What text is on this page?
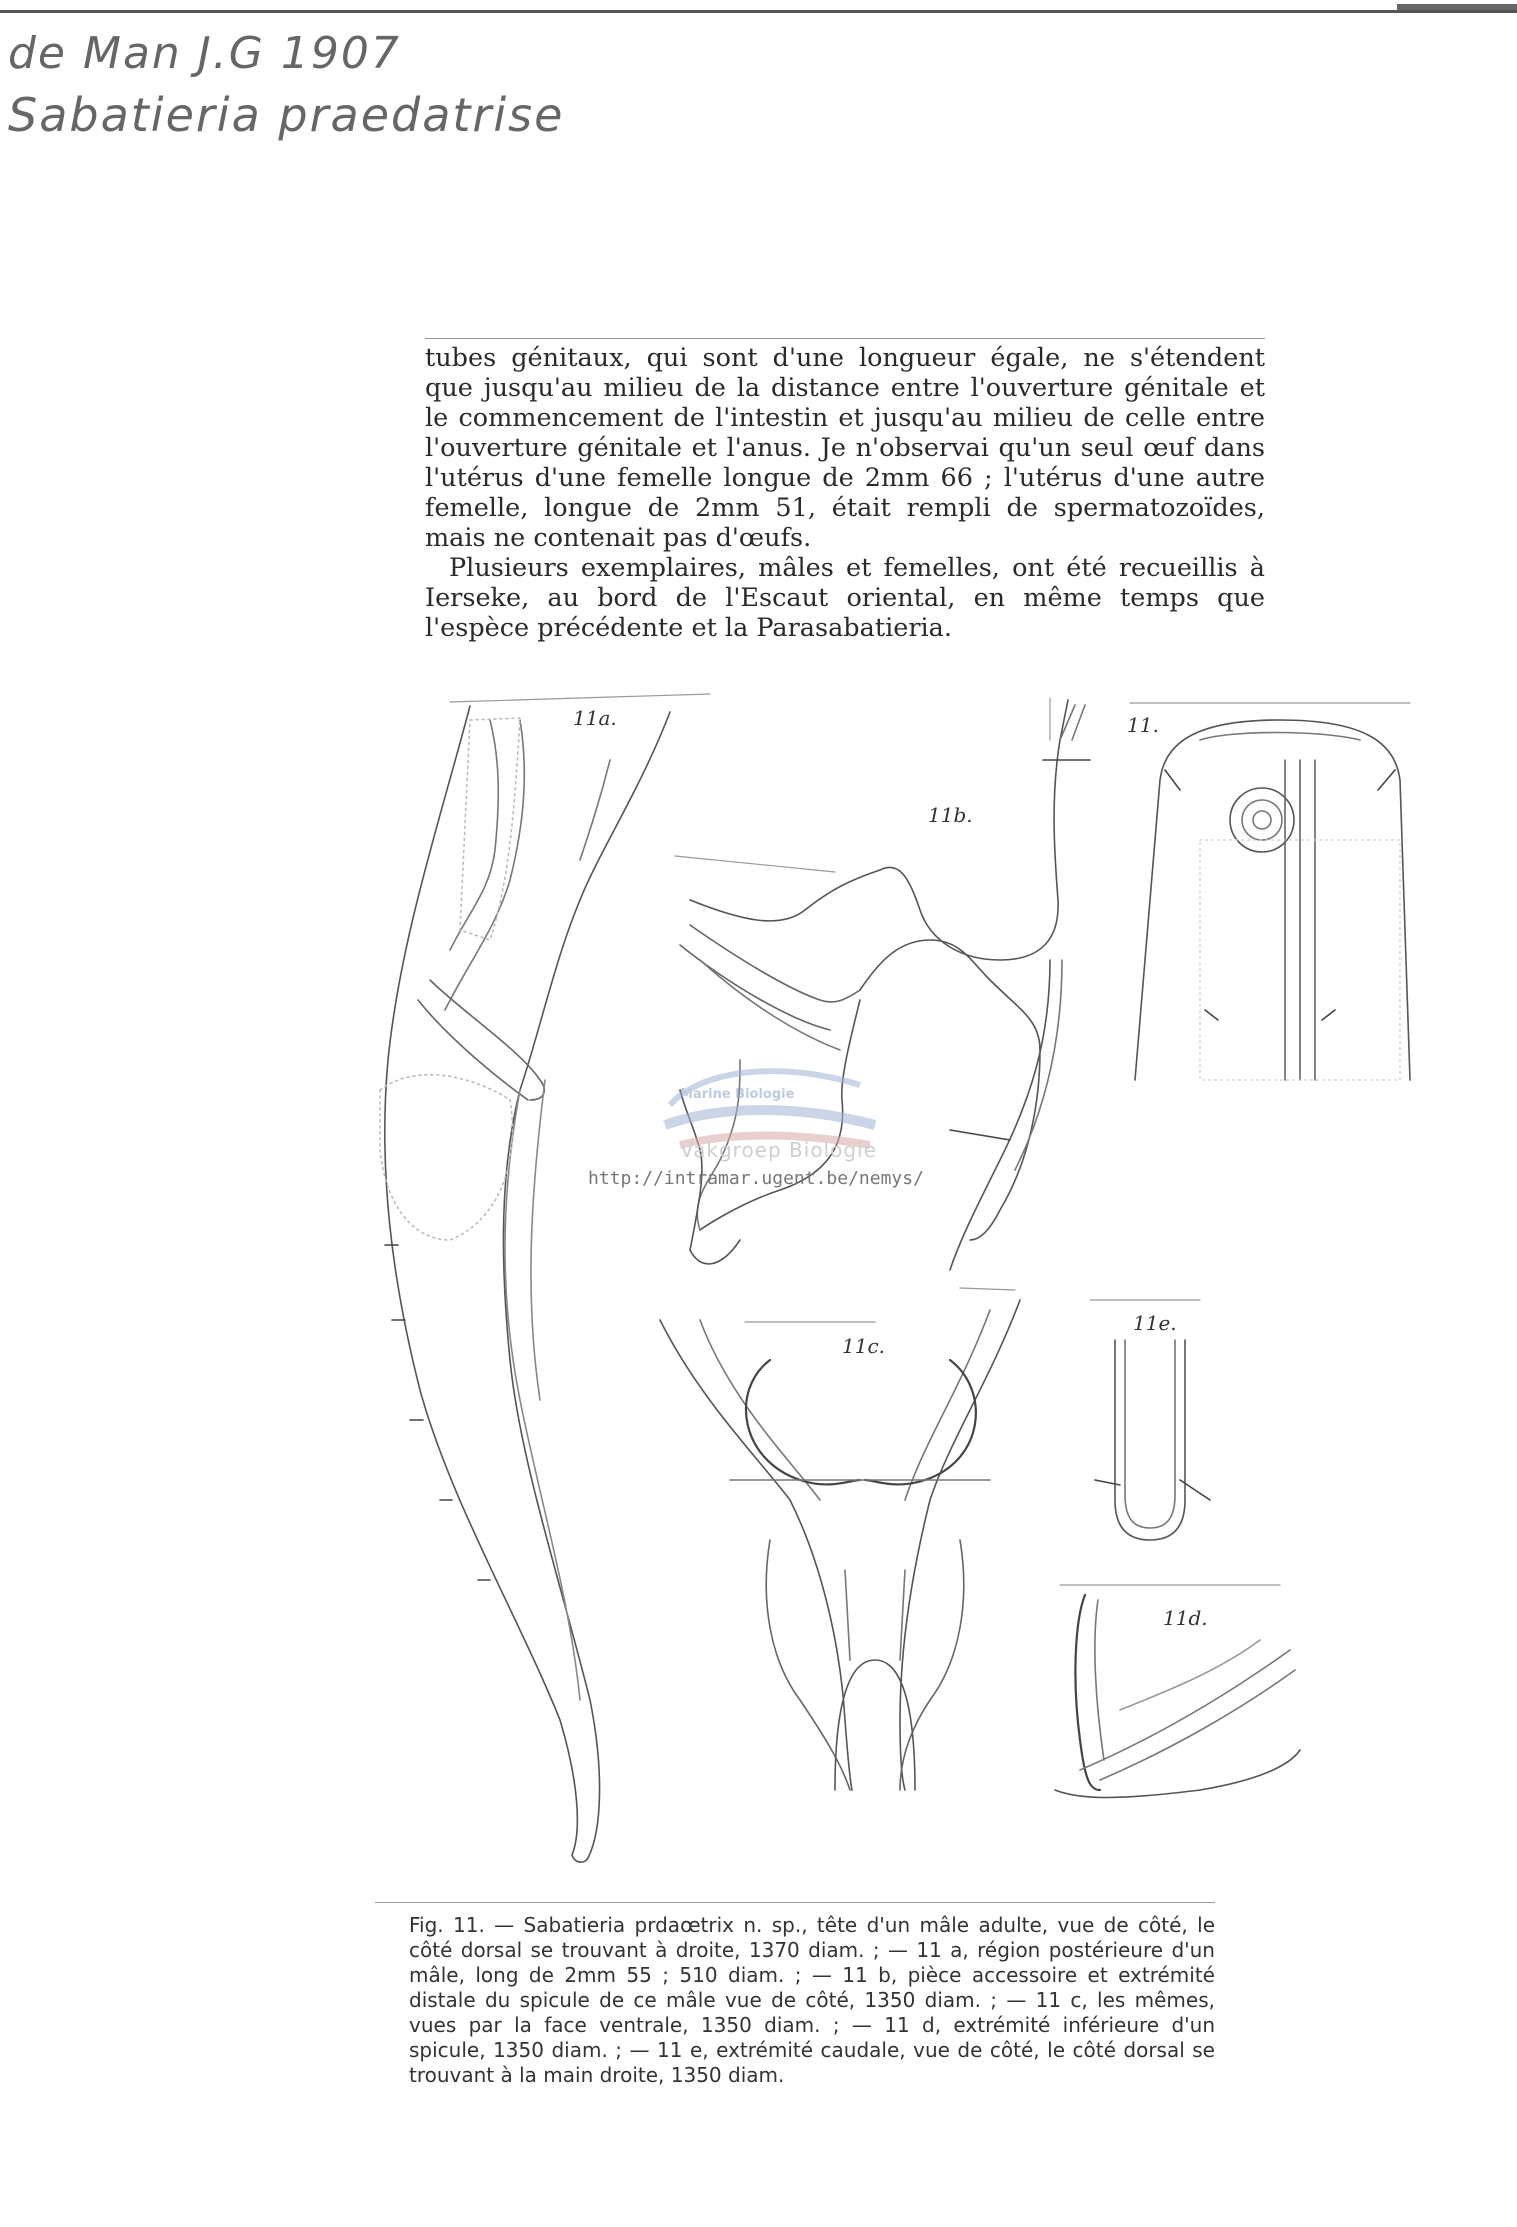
de Man J.G 1907
Sabatieria praedatrise

tubes génitaux, qui sont d'une longueur égale, ne s'étendent que jusqu'au milieu de la distance entre l'ouverture génitale et le commencement de l'intestin et jusqu'au milieu de celle entre l'ouverture génitale et l'anus. Je n'observai qu'un seul œuf dans l'utérus d'une femelle longue de 2mm 66 ; l'utérus d'une autre femelle, longue de 2mm 51, était rempli de spermatozoïdes, mais ne contenait pas d'œufs.

Plusieurs exemplaires, mâles et femelles, ont été recueillis à Ierseke, au bord de l'Escaut oriental, en même temps que l'espèce précédente et la Parasabatieria.

11a.
11b.
11.
11c.
11e.
11d.
Marine Biologie
Vakgroep Biologie
http://intramar.ugent.be/nemys/
Fig. 11. — Sabatieria prdaœtrix n. sp., tête d'un mâle adulte, vue de côté, le côté dorsal se trouvant à droite, 1370 diam. ; — 11 a, région postérieure d'un mâle, long de 2mm 55 ; 510 diam. ; — 11 b, pièce accessoire et extrémité distale du spicule de ce mâle vue de côté, 1350 diam. ; — 11 c, les mêmes, vues par la face ventrale, 1350 diam. ; — 11 d, extrémité inférieure d'un spicule, 1350 diam. ; — 11 e, extrémité caudale, vue de côté, le côté dorsal se trouvant à la main droite, 1350 diam.
